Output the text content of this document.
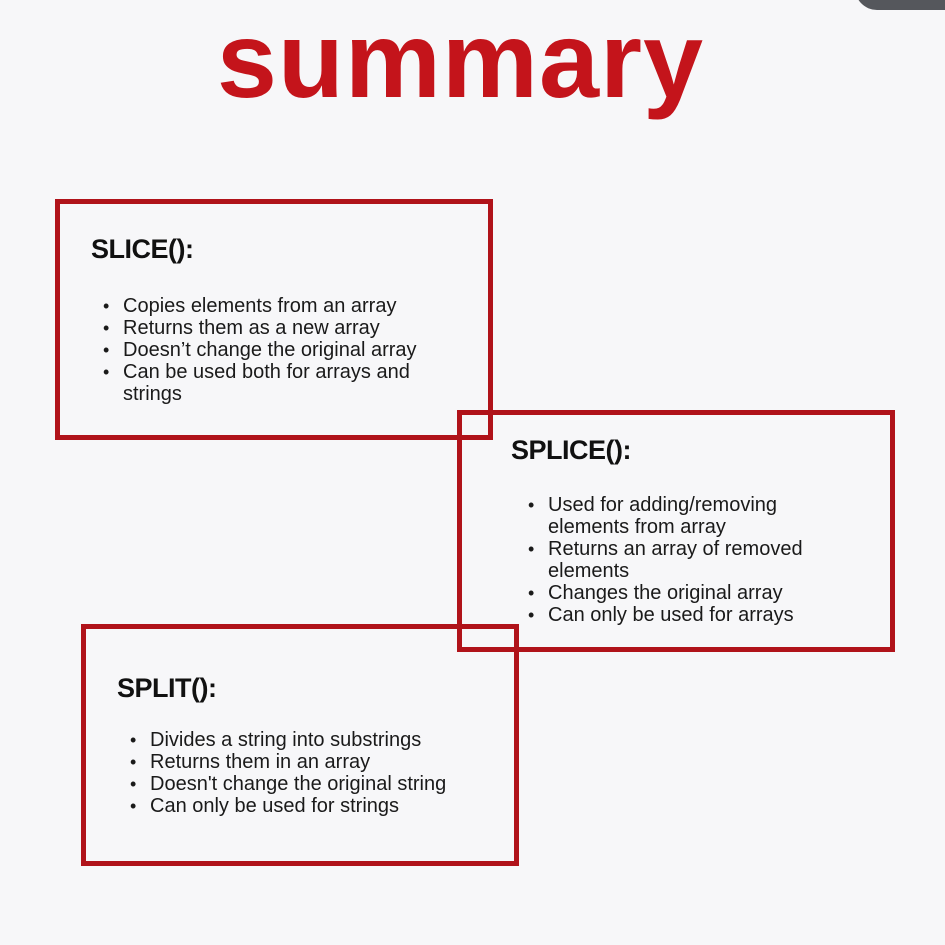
summary
SLICE():
• Copies elements from an array
• Returns them as a new array
• Doesn’t change the original array
• Can be used both for arrays and strings
SPLICE():
• Used for adding/removing elements from array
• Returns an array of removed elements
• Changes the original array
• Can only be used for arrays
SPLIT():
• Divides a string into substrings
• Returns them in an array
• Doesn't change the original string
• Can only be used for strings
